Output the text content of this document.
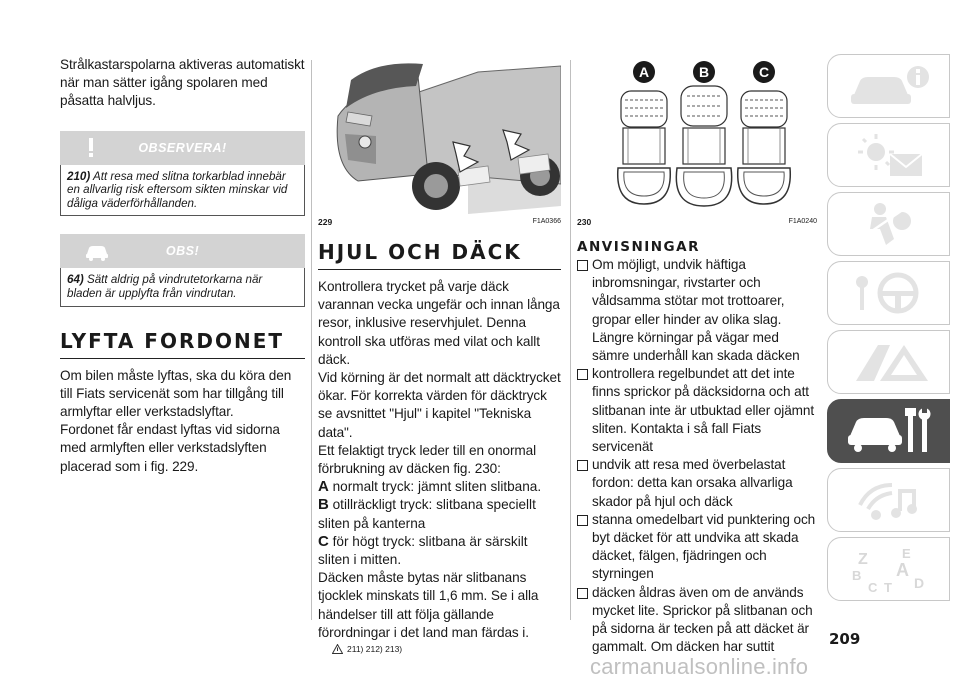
Strålkastarspolarna aktiveras automatiskt när man sätter igång spolaren med påsatta halvljus.

OBSERVERA!
210) Att resa med slitna torkarblad innebär en allvarlig risk eftersom sikten minskar vid dåliga väderförhållanden.
OBS!
64) Sätt aldrig på vindrutetorkarna när bladen är upplyfta från vindrutan.
LYFTA FORDONET

Om bilen måste lyftas, ska du köra den till Fiats servicenät som har tillgång till armlyftar eller verkstadslyftar.

Fordonet får endast lyftas vid sidorna med armlyften eller verkstadslyften placerad som i fig. 229.

229	F1A0366
HJUL OCH DÄCK

Kontrollera trycket på varje däck varannan vecka ungefär och innan långa resor, inklusive reservhjulet. Denna kontroll ska utföras med vilat och kallt däck.

Vid körning är det normalt att däcktrycket ökar. För korrekta värden för däcktryck se avsnittet "Hjul" i kapitel "Tekniska data".

Ett felaktigt tryck leder till en onormal förbrukning av däcken fig. 230:

A normalt tryck: jämnt sliten slitbana.
B otillräckligt tryck: slitbana speciellt sliten på kanterna
C för högt tryck: slitbana är särskilt sliten i mitten.

Däcken måste bytas när slitbanans tjocklek minskats till 1,6 mm. Se i alla händelser till att följa gällande förordningar i det land man färdas i.

211) 212) 213)
A	B	C
230	F1A0240
ANVISNINGAR

Om möjligt, undvik häftiga inbromsningar, rivstarter och våldsamma stötar mot trottoarer, gropar eller hinder av olika slag. Längre körningar på vägar med sämre underhåll kan skada däcken

kontrollera regelbundet att det inte finns sprickor på däcksidorna och att slitbanan inte är utbuktad eller ojämnt sliten. Kontakta i så fall Fiats servicenät

undvik att resa med överbelastat fordon: detta kan orsaka allvarliga skador på hjul och däck

stanna omedelbart vid punktering och byt däcket för att undvika att skada däcket, fälgen, fjädringen och styrningen

däcken åldras även om de används mycket lite. Sprickor på slitbanan och på sidorna är tecken på att däcket är gammalt. Om däcken har suttit

Z	E
B A
C T D
209
carmanualsonline.info
